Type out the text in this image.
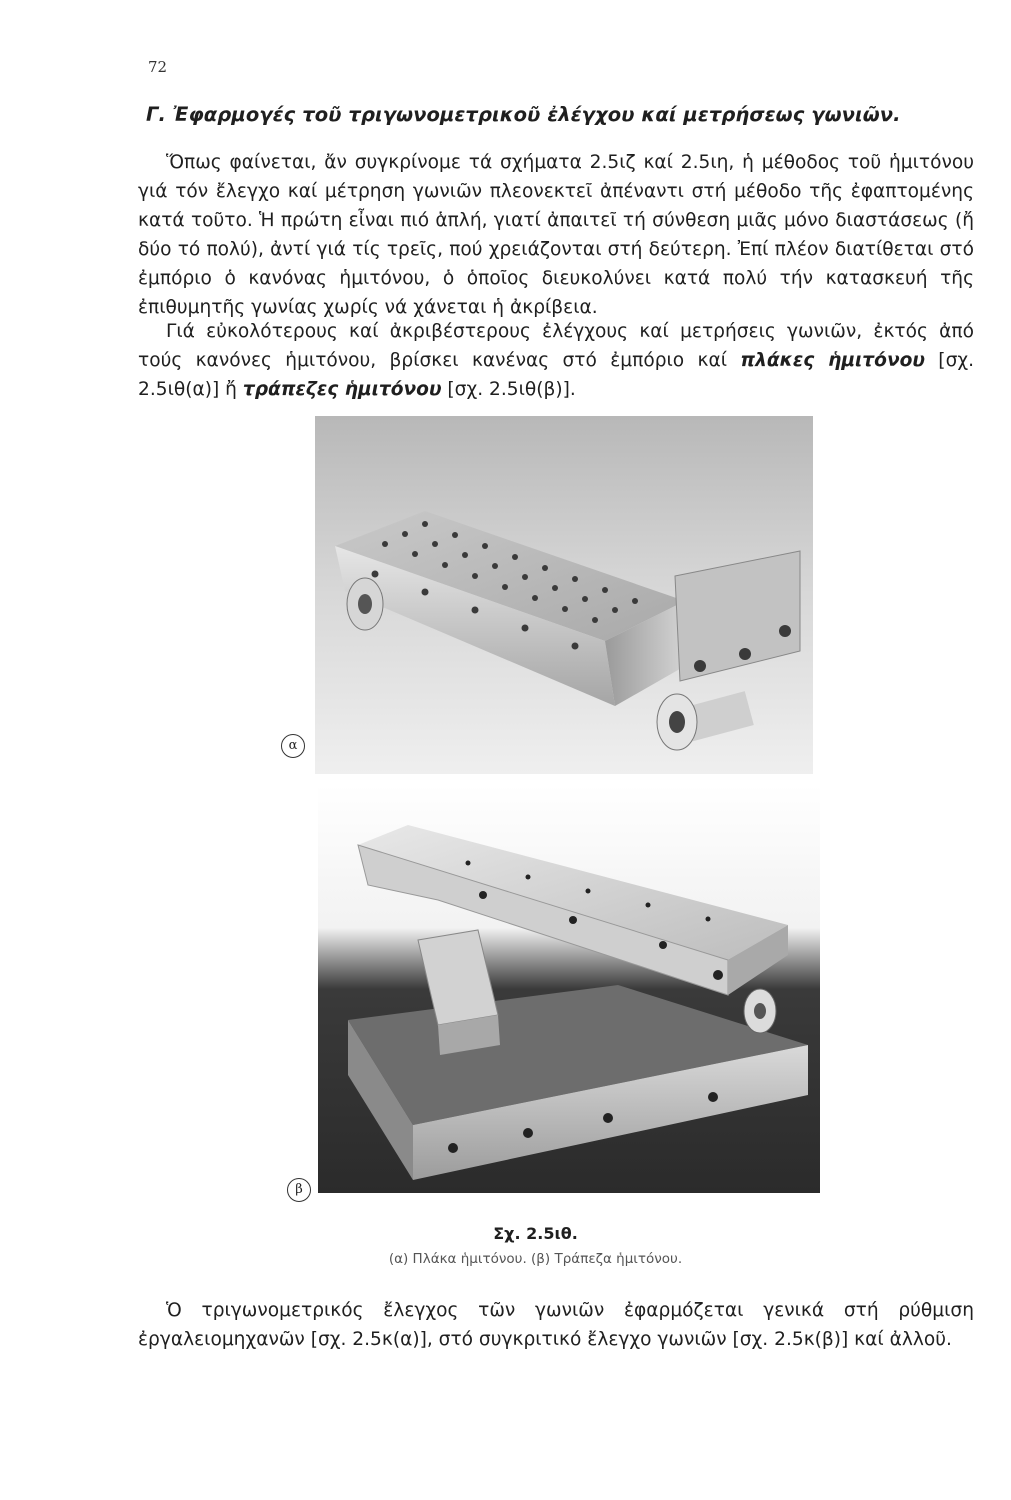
72
Γ. Ἐφαρμογές τοῦ τριγωνομετρικοῦ ἐλέγχου καί μετρήσεως γωνιῶν.

Ὅπως φαίνεται, ἄν συγκρίνομε τά σχήματα 2.5ιζ καί 2.5ιη, ἡ μέθοδος τοῦ ἡμιτόνου γιά τόν ἔλεγχο καί μέτρηση γωνιῶν πλεονεκτεῖ ἀπέναντι στή μέθοδο τῆς ἐφαπτομένης κατά τοῦτο. Ἡ πρώτη εἶναι πιό ἁπλή, γιατί ἀπαιτεῖ τή σύνθεση μιᾶς μόνο διαστάσεως (ἤ δύο τό πολύ), ἀντί γιά τίς τρεῖς, πού χρειάζονται στή δεύτερη. Ἐπί πλέον διατίθεται στό ἐμπόριο ὁ κανόνας ἡμιτόνου, ὁ ὁποῖος διευκολύνει κατά πολύ τήν κατασκευή τῆς ἐπιθυμητῆς γωνίας χωρίς νά χάνεται ἡ ἀκρίβεια.

Γιά εὐκολότερους καί ἀκριβέστερους ἐλέγχους καί μετρήσεις γωνιῶν, ἐκτός ἀπό τούς κανόνες ἡμιτόνου, βρίσκει κανένας στό ἐμπόριο καί πλάκες ἡμιτόνου [σχ. 2.5ιθ(α)] ἤ τράπεζες ἡμιτόνου [σχ. 2.5ιθ(β)].

α
β
Σχ. 2.5ιθ.
(α) Πλάκα ἡμιτόνου. (β) Τράπεζα ἡμιτόνου.

Ὁ τριγωνομετρικός ἔλεγχος τῶν γωνιῶν ἐφαρμόζεται γενικά στή ρύθμιση ἐργαλειομηχανῶν [σχ. 2.5κ(α)], στό συγκριτικό ἔλεγχο γωνιῶν [σχ. 2.5κ(β)] καί ἀλλοῦ.
